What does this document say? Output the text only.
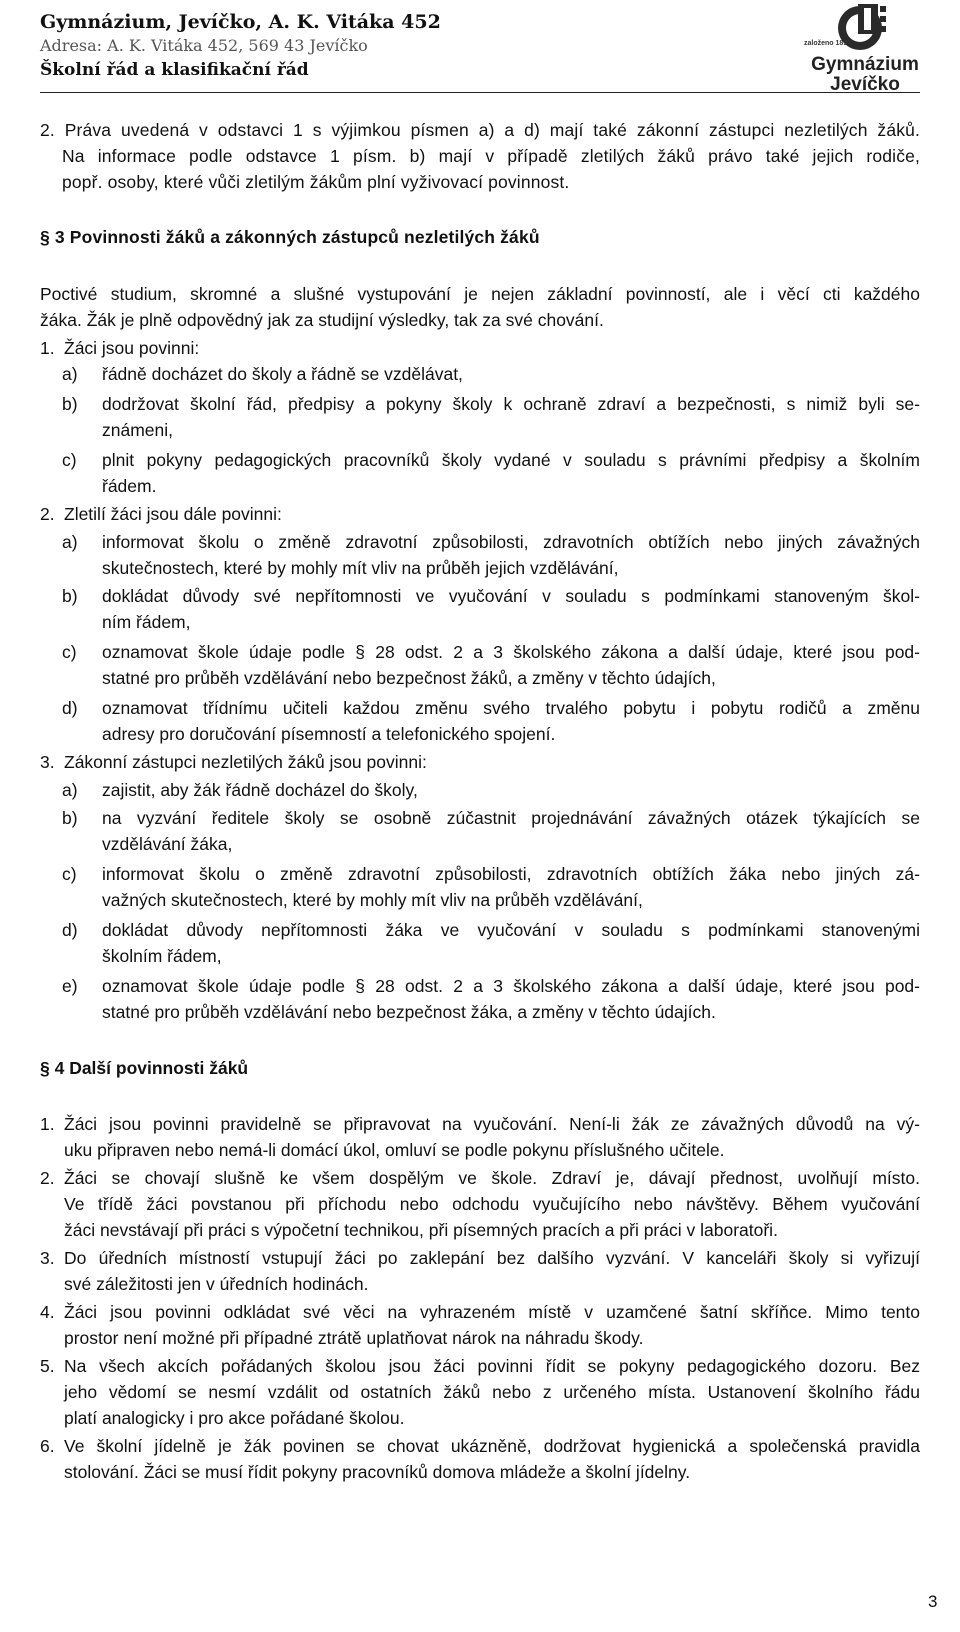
Gymnázium, Jevíčko, A. K. Vitáka 452
Adresa: A. K. Vitáka 452, 569 43 Jevíčko
Školní řád a klasifikační řád
založeno 1897
Gymnázium
Jevíčko
2. Práva uvedená v odstavci 1 s výjimkou písmen a) a d) mají také zákonní zástupci nezletilých žáků.
Na informace podle odstavce 1 písm. b) mají v případě zletilých žáků právo také jejich rodiče,
popř. osoby, které vůči zletilým žákům plní vyživovací povinnost.
§ 3 Povinnosti žáků a zákonných zástupců nezletilých žáků
Poctivé studium, skromné a slušné vystupování je nejen základní povinností, ale i věcí cti každého
žáka. Žák je plně odpovědný jak za studijní výsledky, tak za své chování.
1. Žáci jsou povinni:
a) řádně docházet do školy a řádně se vzdělávat,
b) dodržovat školní řád, předpisy a pokyny školy k ochraně zdraví a bezpečnosti, s nimiž byli se-
známeni,
c) plnit pokyny pedagogických pracovníků školy vydané v souladu s právními předpisy a školním
řádem.
2. Zletilí žáci jsou dále povinni:
a) informovat školu o změně zdravotní způsobilosti, zdravotních obtížích nebo jiných závažných
skutečnostech, které by mohly mít vliv na průběh jejich vzdělávání,
b) dokládat důvody své nepřítomnosti ve vyučování v souladu s podmínkami stanoveným škol-
ním řádem,
c) oznamovat škole údaje podle § 28 odst. 2 a 3 školského zákona a další údaje, které jsou pod-
statné pro průběh vzdělávání nebo bezpečnost žáků, a změny v těchto údajích,
d) oznamovat třídnímu učiteli každou změnu svého trvalého pobytu i pobytu rodičů a změnu
adresy pro doručování písemností a telefonického spojení.
3. Zákonní zástupci nezletilých žáků jsou povinni:
a) zajistit, aby žák řádně docházel do školy,
b) na vyzvání ředitele školy se osobně zúčastnit projednávání závažných otázek týkajících se
vzdělávání žáka,
c) informovat školu o změně zdravotní způsobilosti, zdravotních obtížích žáka nebo jiných zá-
važných skutečnostech, které by mohly mít vliv na průběh vzdělávání,
d) dokládat důvody nepřítomnosti žáka ve vyučování v souladu s podmínkami stanovenými
školním řádem,
e) oznamovat škole údaje podle § 28 odst. 2 a 3 školského zákona a další údaje, které jsou pod-
statné pro průběh vzdělávání nebo bezpečnost žáka, a změny v těchto údajích.
§ 4 Další povinnosti žáků
1. Žáci jsou povinni pravidelně se připravovat na vyučování. Není-li žák ze závažných důvodů na vý-
uku připraven nebo nemá-li domácí úkol, omluví se podle pokynu příslušného učitele.
2. Žáci se chovají slušně ke všem dospělým ve škole. Zdraví je, dávají přednost, uvolňují místo.
Ve třídě žáci povstanou při příchodu nebo odchodu vyučujícího nebo návštěvy. Během vyučování
žáci nevstávají při práci s výpočetní technikou, při písemných pracích a při práci v laboratoři.
3. Do úředních místností vstupují žáci po zaklepání bez dalšího vyzvání. V kanceláři školy si vyřizují
své záležitosti jen v úředních hodinách.
4. Žáci jsou povinni odkládat své věci na vyhrazeném místě v uzamčené šatní skříňce. Mimo tento
prostor není možné při případné ztrátě uplatňovat nárok na náhradu škody.
5. Na všech akcích pořádaných školou jsou žáci povinni řídit se pokyny pedagogického dozoru. Bez
jeho vědomí se nesmí vzdálit od ostatních žáků nebo z určeného místa. Ustanovení školního řádu
platí analogicky i pro akce pořádané školou.
6. Ve školní jídelně je žák povinen se chovat ukázněně, dodržovat hygienická a společenská pravidla
stolování. Žáci se musí řídit pokyny pracovníků domova mládeže a školní jídelny.
3
